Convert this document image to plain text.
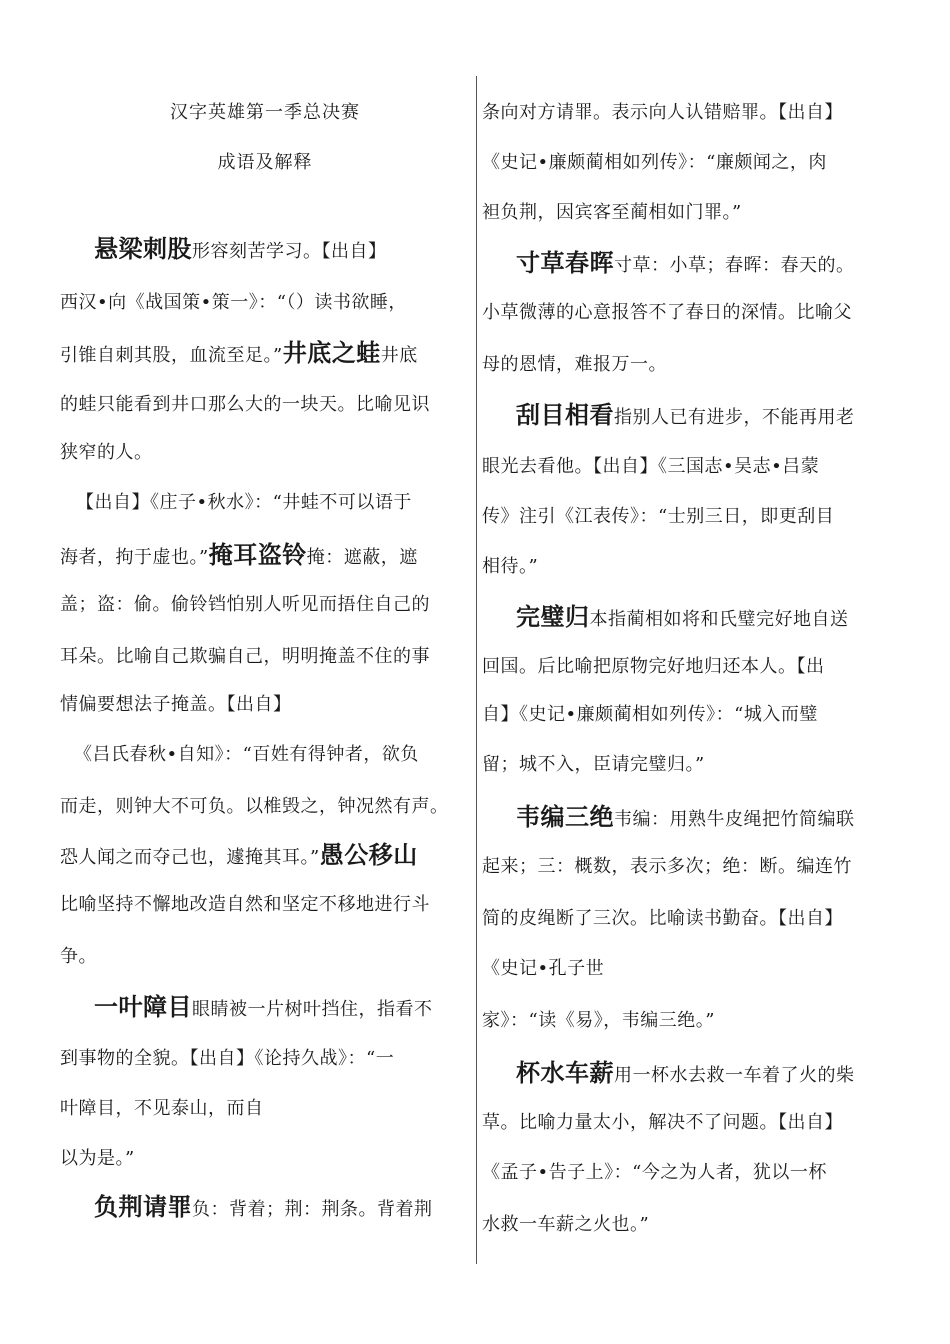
汉字英雄第一季总决赛
成语及解释
悬梁刺股形容刻苦学习。【出自】
西汉•向《战国策•策一》：“（）读书欲睡，
引锥自刺其股，血流至足。”井底之蛙井底
的蛙只能看到井口那么大的一块天。比喻见识
狭窄的人。
【出自】《庄子•秋水》：“井蛙不可以语于
海者，拘于虚也。”掩耳盗铃掩：遮蔽，遮
盖；盗：偷。偷铃铛怕别人听见而捂住自己的
耳朵。比喻自己欺骗自己，明明掩盖不住的事
情偏要想法子掩盖。【出自】
《吕氏春秋•自知》：“百姓有得钟者，欲负
而走，则钟大不可负。以椎毁之，钟况然有声。
恐人闻之而夺己也，遽掩其耳。”愚公移山
比喻坚持不懈地改造自然和坚定不移地进行斗
争。
一叶障目眼睛被一片树叶挡住，指看不
到事物的全貌。【出自】《论持久战》：“一
叶障目，不见泰山，而自
以为是。”
负荆请罪负：背着；荆：荆条。背着荆
条向对方请罪。表示向人认错赔罪。【出自】
《史记•廉颇蔺相如列传》：“廉颇闻之，肉
袒负荆，因宾客至蔺相如门罪。”
寸草春晖寸草：小草；春晖：春天的。
小草微薄的心意报答不了春日的深情。比喻父
母的恩情，难报万一。
刮目相看指别人已有进步，不能再用老
眼光去看他。【出自】《三国志•吴志•吕蒙
传》注引《江表传》：“士别三日，即更刮目
相待。”
完璧归本指蔺相如将和氏璧完好地自送
回国。后比喻把原物完好地归还本人。【出
自】《史记•廉颇蔺相如列传》：“城入而璧
留；城不入，臣请完璧归。”
韦编三绝韦编：用熟牛皮绳把竹简编联
起来；三：概数，表示多次；绝：断。编连竹
简的皮绳断了三次。比喻读书勤奋。【出自】
《史记•孔子世
家》：“读《易》，韦编三绝。”
杯水车薪用一杯水去救一车着了火的柴
草。比喻力量太小，解决不了问题。【出自】
《孟子•告子上》：“今之为人者，犹以一杯
水救一车薪之火也。”
